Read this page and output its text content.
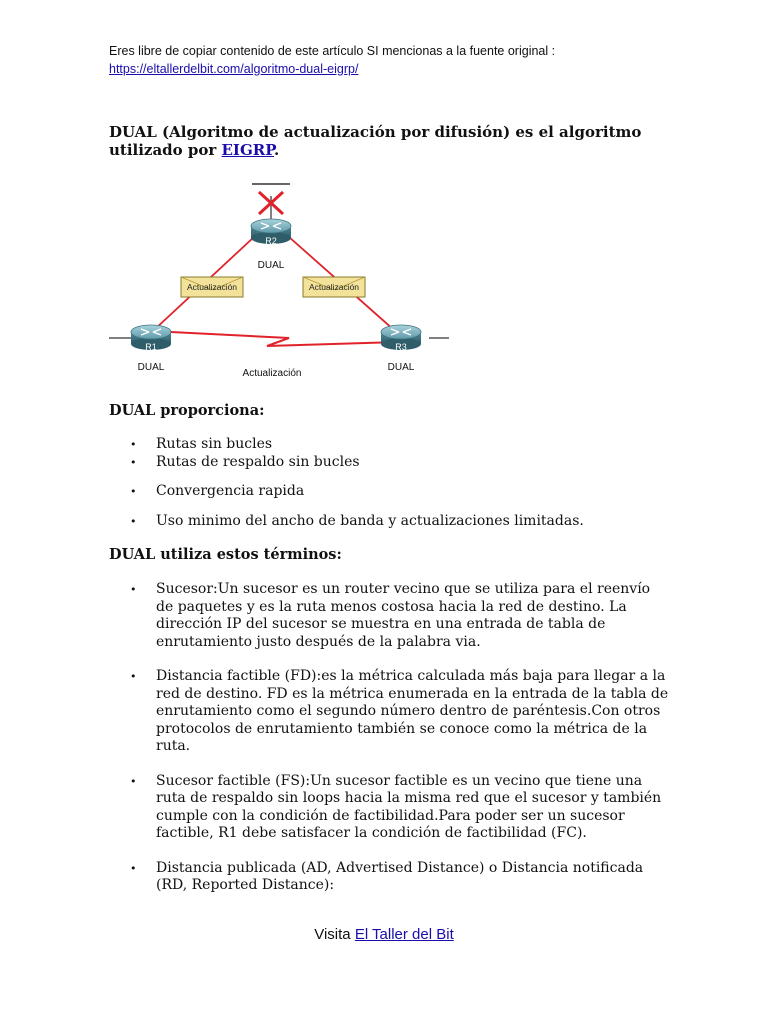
Eres libre de copiar contenido de este artículo SI mencionas a la fuente original :
https://eltallerdelbit.com/algoritmo-dual-eigrp/
DUAL (Algoritmo de actualización por difusión) es el algoritmo utilizado por EIGRP.
Actualización	Actualización
R2
DUAL
R1
DUAL
R3
DUAL
Actualización
DUAL proporciona:
• Rutas sin bucles
• Rutas de respaldo sin bucles
• Convergencia rapida
• Uso minimo del ancho de banda y actualizaciones limitadas.
DUAL utiliza estos términos:
• Sucesor:Un sucesor es un router vecino que se utiliza para el reenvío de paquetes y es la ruta menos costosa hacia la red de destino. La dirección IP del sucesor se muestra en una entrada de tabla de enrutamiento justo después de la palabra via.
• Distancia factible (FD):es la métrica calculada más baja para llegar a la red de destino. FD es la métrica enumerada en la entrada de la tabla de enrutamiento como el segundo número dentro de paréntesis.Con otros protocolos de enrutamiento también se conoce como la métrica de la ruta.
• Sucesor factible (FS):Un sucesor factible es un vecino que tiene una ruta de respaldo sin loops hacia la misma red que el sucesor y también cumple con la condición de factibilidad.Para poder ser un sucesor factible, R1 debe satisfacer la condición de factibilidad (FC).
• Distancia publicada (AD, Advertised Distance) o Distancia notificada (RD, Reported Distance):
Visita El Taller del Bit
